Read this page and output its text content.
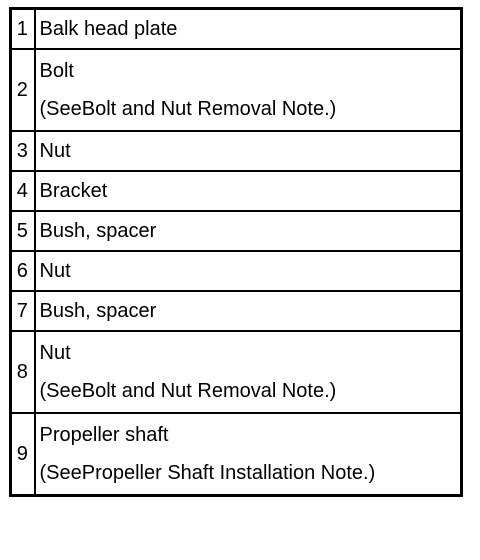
1	Balk head plate

2	Bolt
(SeeBolt and Nut Removal Note.)

3	Nut

4	Bracket

5	Bush, spacer

6	Nut

7	Bush, spacer

8	Nut
(SeeBolt and Nut Removal Note.)

9	Propeller shaft
(SeePropeller Shaft Installation Note.)
